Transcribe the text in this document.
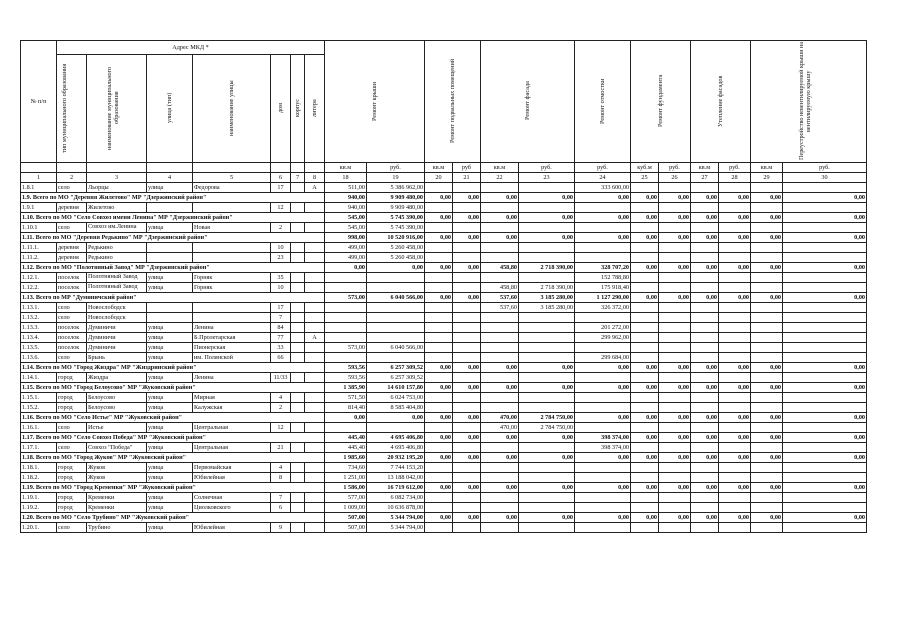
№ п/п	Адрес МКД *							Ремонт крыши		Ремонт подвальных помещений		Ремонт фасада		Ремонт отмостки	Ремонт фундамента		Утепление фасадов		Переустройство невентилируемой крыши на вентилируемую крышу	
	тип муниципального образования	наименование муниципального образования	улица (тип)	наименование улицы	дом	корпус	литера													
								кв.м	руб.	кв.м	руб	кв.м	руб.	руб.	куб.м	руб.	кв.м	руб.	кв.м	руб.
1	2	3	4	5	6	7	8	18	19	20	21	22	23	24	25	26	27	28	29	30
1.8.1	село	Льорцы	улица	Федорова	17		А	511,00	5 386 962,00					333 600,00						
1.9. Всего по МО "Деревня Жилетово" МР "Дзержинский район"								940,00	9 909 480,00	0,00	0,00	0,00	0,00	0,00	0,00	0,00	0,00	0,00	0,00	0,00
1.9.1	деревня	Жилетово			12			940,00	9 909 480,00											
1.10. Всего по МО "Село Совхоз имени Ленина" МР "Дзержинский район"								545,00	5 745 390,00	0,00	0,00	0,00	0,00	0,00	0,00	0,00	0,00	0,00	0,00	0,00
1.10.1	село	Совхоз им.Ленина	улица	Новая	2			545,00	5 745 390,00											
1.11. Всего по МО "Деревня Редькино" МР "Дзержинский район"								998,00	10 520 916,00	0,00	0,00	0,00	0,00	0,00	0,00	0,00	0,00	0,00	0,00	0,00
1.11.1.	деревня	Редькино			10			499,00	5 260 458,00											
1.11.2.	деревня	Редькино			23			499,00	5 260 458,00											
1.12. Всего по МО "Полотняный Завод" МР "Дзержинский район"								0,00	0,00	0,00	0,00	458,80	2 718 390,00	328 707,20	0,00	0,00	0,00	0,00	0,00	0,00
1.12.1.	поселок	Полотняный Завод	улица	Горняк	35									152 788,80						
1.12.2.	поселок	Полотняный Завод	улица	Горняк	10							458,80	2 718 390,00	175 918,40						
1.13. Всего по МР "Думиничский район"								573,00	6 040 566,00	0,00	0,00	537,60	3 185 280,00	1 127 290,00	0,00	0,00	0,00	0,00	0,00	0,00
1.13.1.	село	Новослободск			17							537,60	3 185 280,00	326 372,00						
1.13.2.	село	Новослободск			7															
1.13.3.	поселок	Думиничи	улица	Ленина	84									201 272,00						
1.13.4.	поселок	Думиничи	улица	Б.Пролетарская	77		А							299 962,00						
1.13.5.	поселок	Думиничи	улица	Пионерская	33			573,00	6 040 566,00											
1.13.6.	село	Брынь	улица	им. Полянской	66									299 684,00						
1.14. Всего по МО "Город Жиздра" МР "Жиздринский район"								593,56	6 257 309,52	0,00	0,00	0,00	0,00	0,00	0,00	0,00	0,00	0,00	0,00	0,00
1.14.1.	город	Жиздра	улица	Ленина	11/33			593,56	6 257 309,52											
1.15. Всего по МО "Город Белоусово" МР "Жуковский район"								1 385,90	14 610 157,80	0,00	0,00	0,00	0,00	0,00	0,00	0,00	0,00	0,00	0,00	0,00
1.15.1.	город	Белоусово	улица	Мирная	4			571,50	6 024 753,00											
1.15.2.	город	Белоусово	улица	Калужская	2			814,40	8 585 404,80											
1.16. Всего по МО "Село Истье" МР "Жуковский район"								0,00	0,00	0,00	0,00	470,00	2 784 750,00	0,00	0,00	0,00	0,00	0,00	0,00	0,00
1.16.1.	село	Истье	улица	Центральная	12							470,00	2 784 750,00							
1.17. Всего по МО "Село Совхоз Победа" МР "Жуковский район"								445,40	4 695 406,80	0,00	0,00	0,00	0,00	398 374,00	0,00	0,00	0,00	0,00	0,00	0,00
1.17.1.	село	Совхоз "Победа"	улица	Центральная	21			445,40	4 695 406,80					398 374,00						
1.18. Всего по МО "Город Жуков" МР "Жуковский район"								1 985,60	20 932 195,20	0,00	0,00	0,00	0,00	0,00	0,00	0,00	0,00	0,00	0,00	0,00
1.18.1.	город	Жуков	улица	Первомайская	4			734,60	7 744 153,20											
1.18.2.	город	Жуков	улица	Юбилейная	8			1 251,00	13 188 042,00											
1.19. Всего по МО "Город Кременки" МР "Жуковский район"								1 586,00	16 719 612,00	0,00	0,00	0,00	0,00	0,00	0,00	0,00	0,00	0,00	0,00	0,00
1.19.1.	город	Кременки	улица	Солнечная	7			577,00	6 082 734,00											
1.19.2.	город	Кременки	улица	Циолковского	6			1 009,00	10 636 878,00											
1.20. Всего по МО "Село Трубино" МР "Жуковский район"								507,00	5 344 794,00	0,00	0,00	0,00	0,00	0,00	0,00	0,00	0,00	0,00	0,00	0,00
1.20.1.	село	Трубино	улица	Юбилейная	9			507,00	5 344 794,00											
